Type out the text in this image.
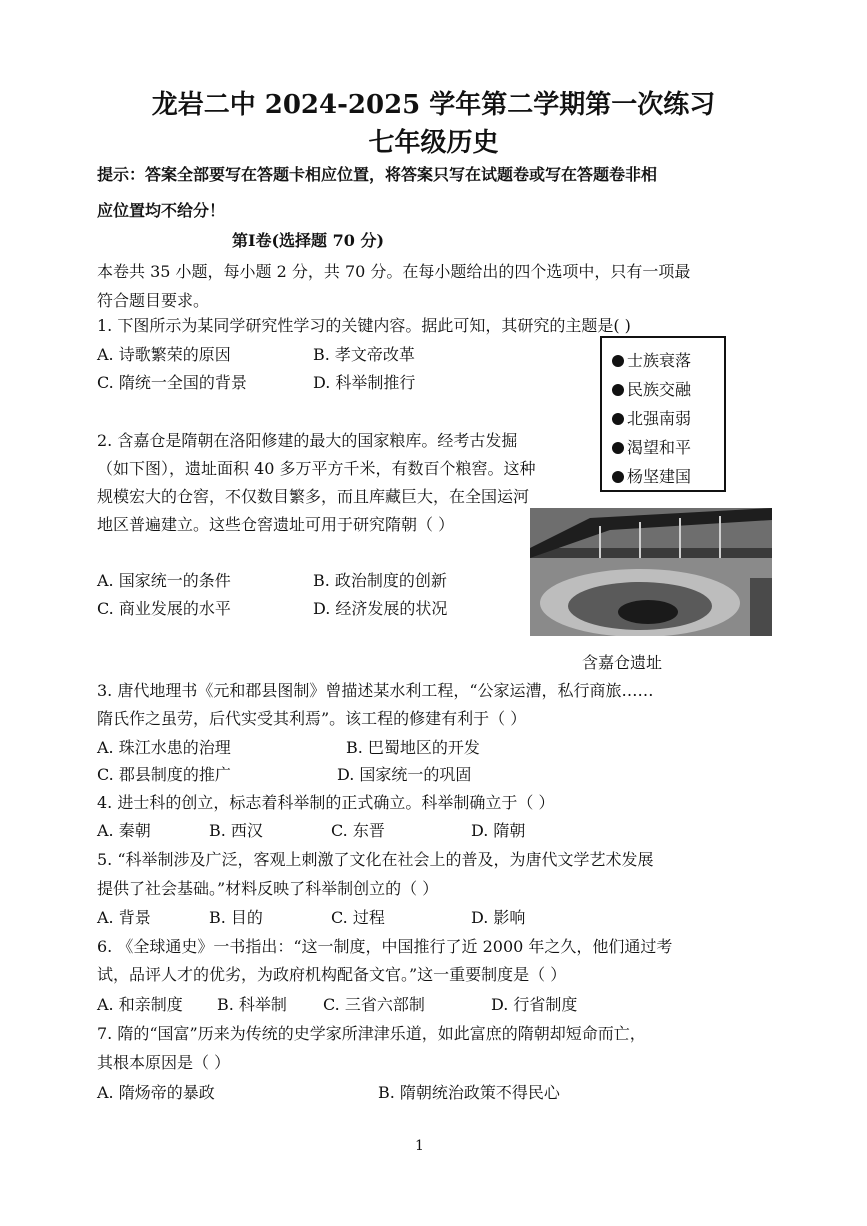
龙岩二中 2024-2025 学年第二学期第一次练习
七年级历史
提示：答案全部要写在答题卡相应位置，将答案只写在试题卷或写在答题卷非相
应位置均不给分！
第Ⅰ卷(选择题 70 分)
本卷共 35 小题，每小题 2 分，共 70 分。在每小题给出的四个选项中，只有一项最
符合题目要求。
1. 下图所示为某同学研究性学习的关键内容。据此可知，其研究的主题是( )
A. 诗歌繁荣的原因	B. 孝文帝改革
C. 隋统一全国的背景	D. 科举制推行
士族衰落
民族交融
北强南弱
渴望和平
杨坚建国
2. 含嘉仓是隋朝在洛阳修建的最大的国家粮库。经考古发掘
（如下图），遗址面积 40 多万平方千米，有数百个粮窖。这种
规模宏大的仓窖，不仅数目繁多，而且库藏巨大，在全国运河
地区普遍建立。这些仓窖遗址可用于研究隋朝（ ）
A. 国家统一的条件	B. 政治制度的创新
C. 商业发展的水平	D. 经济发展的状况
含嘉仓遗址
3. 唐代地理书《元和郡县图制》曾描述某水利工程，“公家运漕，私行商旅……
隋氏作之虽劳，后代实受其利焉”。该工程的修建有利于（ ）
A. 珠江水患的治理	B. 巴蜀地区的开发
C. 郡县制度的推广	D. 国家统一的巩固
4. 进士科的创立，标志着科举制的正式确立。科举制确立于（ ）
A. 秦朝	B. 西汉	C. 东晋	D. 隋朝
5. “科举制涉及广泛，客观上刺激了文化在社会上的普及，为唐代文学艺术发展
提供了社会基础。”材料反映了科举制创立的（ ）
A. 背景	B. 目的	C. 过程	D. 影响
6. 《全球通史》一书指出：“这一制度，中国推行了近 2000 年之久，他们通过考
试，品评人才的优劣，为政府机构配备文官。”这一重要制度是（ ）
A. 和亲制度 B. 科举制 C. 三省六部制	D. 行省制度
7. 隋的“国富”历来为传统的史学家所津津乐道，如此富庶的隋朝却短命而亡，
其根本原因是（ ）
A. 隋炀帝的暴政	B. 隋朝统治政策不得民心
1
